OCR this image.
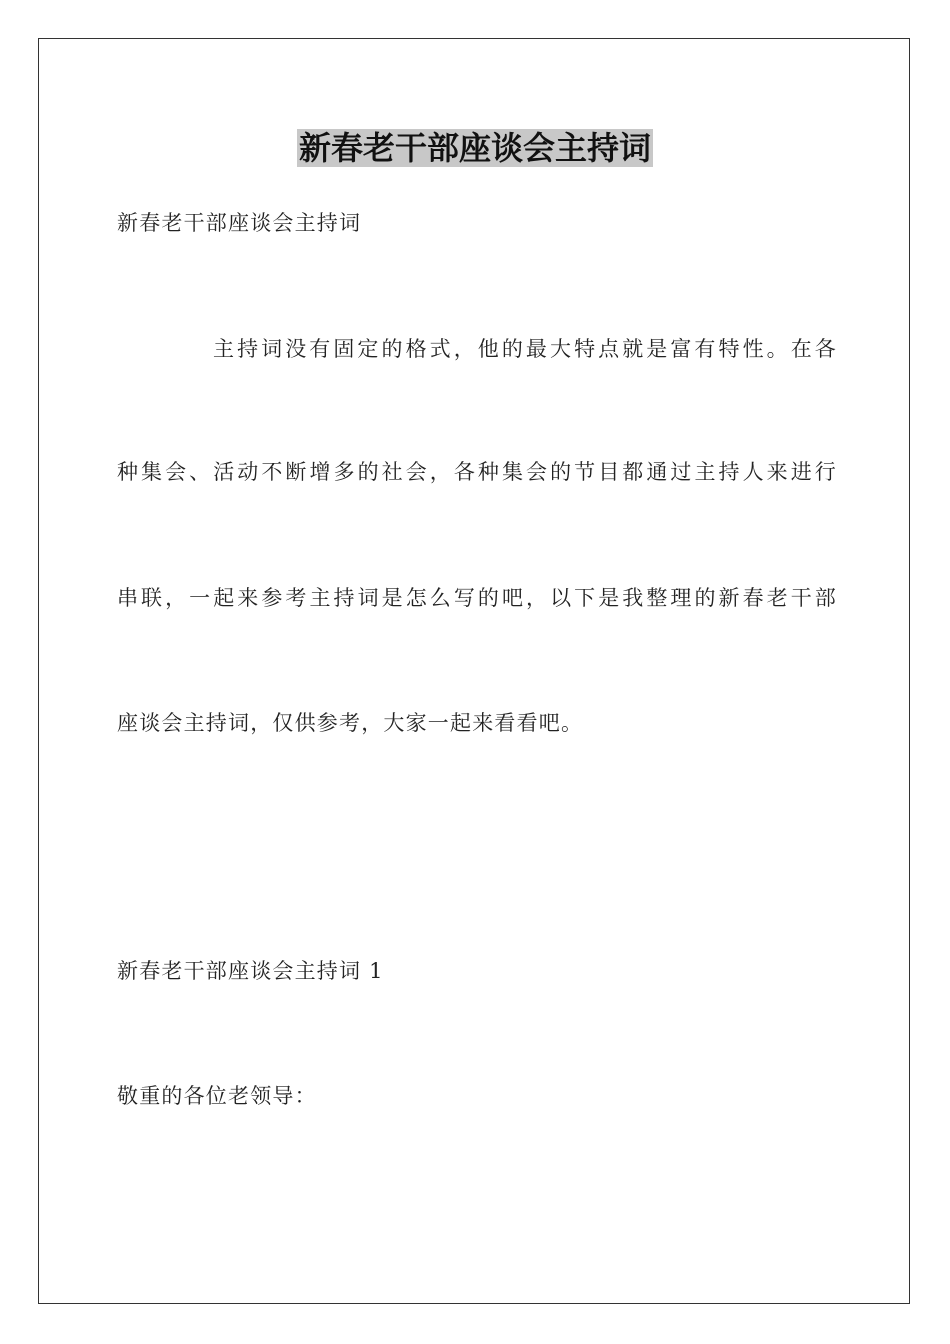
新春老干部座谈会主持词
新春老干部座谈会主持词
主持词没有固定的格式，他的最大特点就是富有特性。在各
种集会、活动不断增多的社会，各种集会的节目都通过主持人来进行
串联，一起来参考主持词是怎么写的吧，以下是我整理的新春老干部
座谈会主持词，仅供参考，大家一起来看看吧。
新春老干部座谈会主持词 1
敬重的各位老领导：
